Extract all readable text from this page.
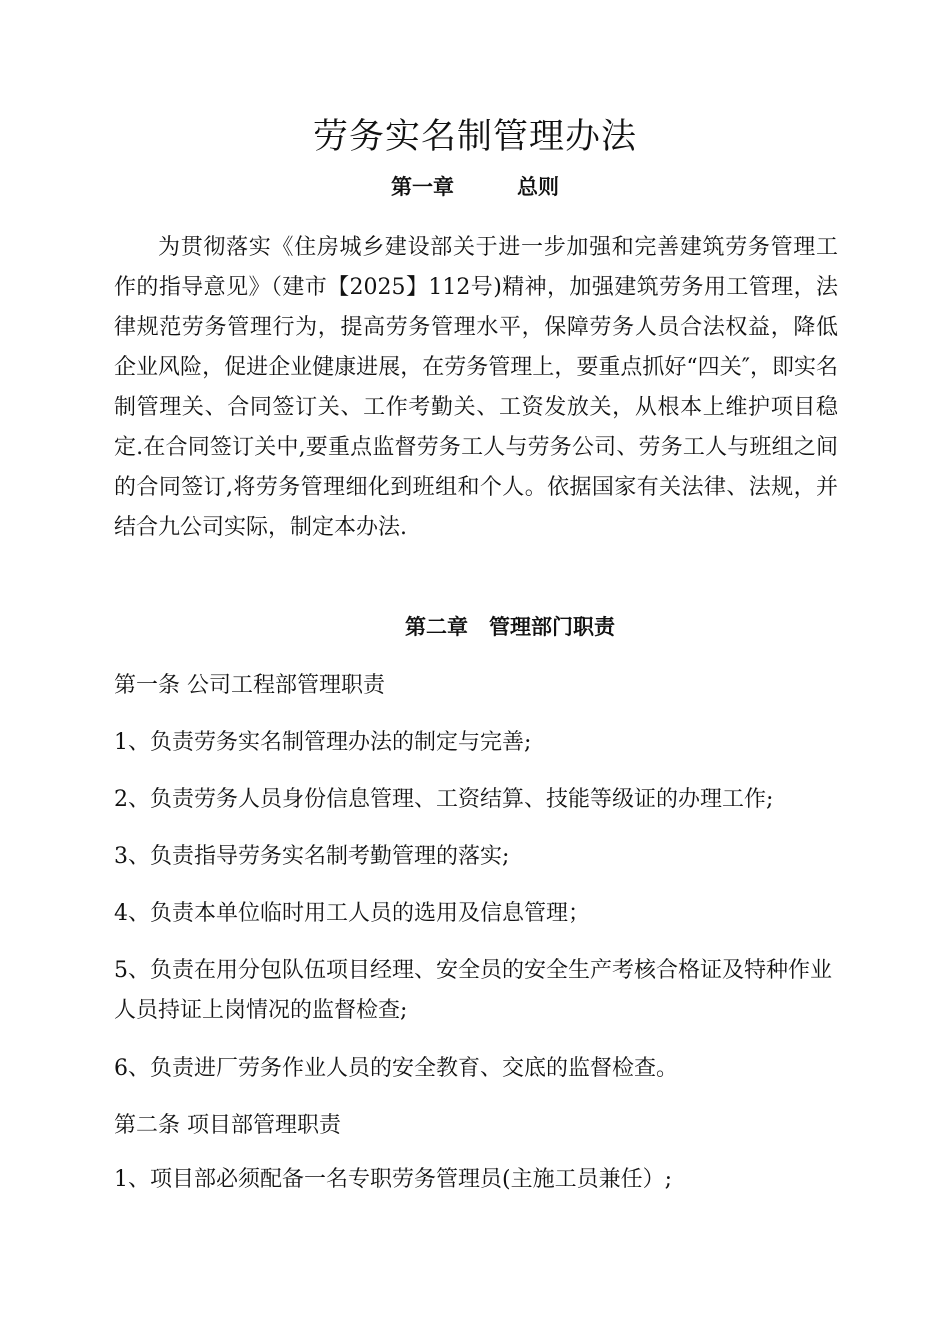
劳务实名制管理办法
第一章　　　总则

为贯彻落实《住房城乡建设部关于进一步加强和完善建筑劳务管理工作的指导意见》（建市【2025】112号)精神，加强建筑劳务用工管理，法律规范劳务管理行为，提高劳务管理水平，保障劳务人员合法权益，降低企业风险，促进企业健康进展，在劳务管理上，要重点抓好“四关″，即实名制管理关、合同签订关、工作考勤关、工资发放关，从根本上维护项目稳定.在合同签订关中,要重点监督劳务工人与劳务公司、劳务工人与班组之间的合同签订,将劳务管理细化到班组和个人。依据国家有关法律、法规，并结合九公司实际，制定本办法.

第二章　管理部门职责

第一条 公司工程部管理职责

1、负责劳务实名制管理办法的制定与完善;

2、负责劳务人员身份信息管理、工资结算、技能等级证的办理工作;

3、负责指导劳务实名制考勤管理的落实;

4、负责本单位临时用工人员的选用及信息管理；

5、负责在用分包队伍项目经理、安全员的安全生产考核合格证及特种作业人员持证上岗情况的监督检查;

6、负责进厂劳务作业人员的安全教育、交底的监督检查。

第二条 项目部管理职责

1、项目部必须配备一名专职劳务管理员(主施工员兼任）;
